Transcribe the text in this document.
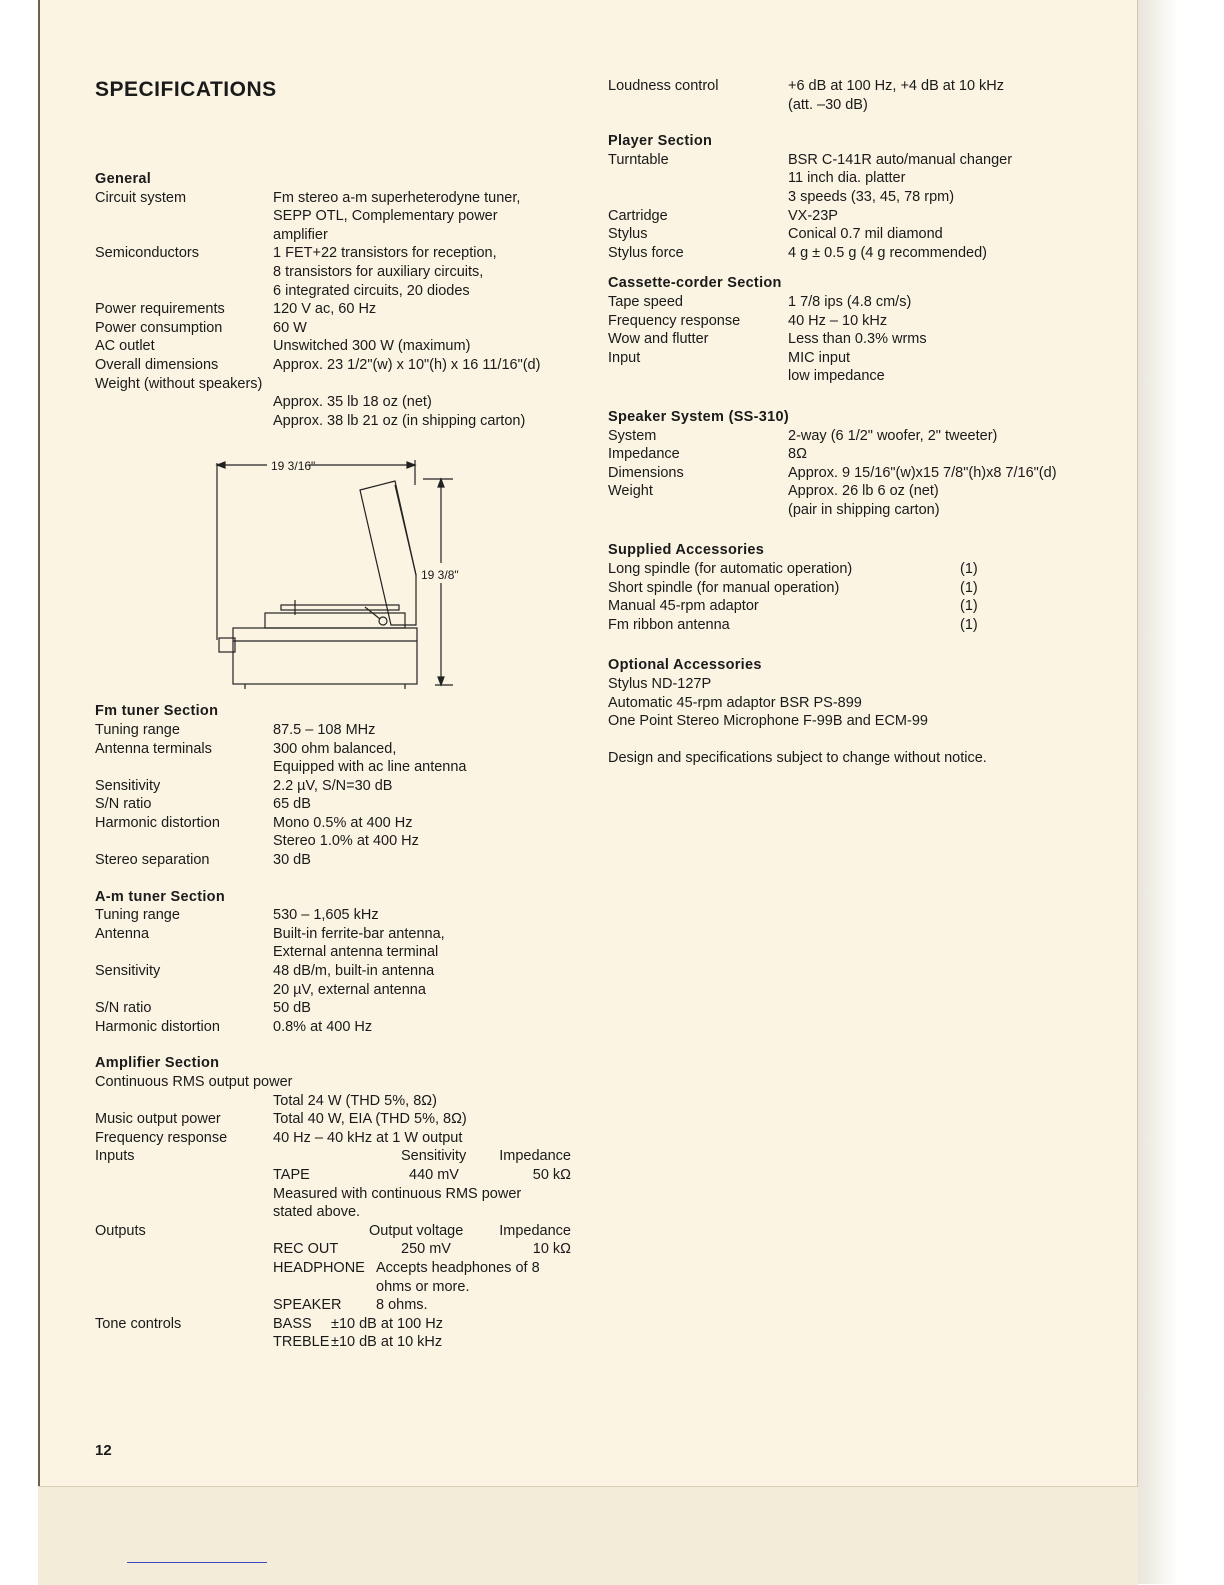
SPECIFICATIONS
General
Circuit system	Fm stereo a-m superheterodyne tuner,
SEPP OTL, Complementary power
amplifier
Semiconductors	1 FET+22 transistors for reception,
8 transistors for auxiliary circuits,
6 integrated circuits, 20 diodes
Power requirements	120 V ac, 60 Hz
Power consumption	60 W
AC outlet	Unswitched 300 W (maximum)
Overall dimensions	Approx. 23 1/2"(w) x 10"(h) x 16 11/16"(d)
Weight (without speakers)
Approx. 35 lb 18 oz (net)
Approx. 38 lb 21 oz (in shipping carton)
Fm tuner Section
Tuning range	87.5 – 108 MHz
Antenna terminals	300 ohm balanced,
Equipped with ac line antenna
Sensitivity	2.2 µV, S/N=30 dB
S/N ratio	65 dB
Harmonic distortion	Mono 0.5% at 400 Hz
Stereo 1.0% at 400 Hz
Stereo separation	30 dB
A-m tuner Section
Tuning range	530 – 1,605 kHz
Antenna	Built-in ferrite-bar antenna,
External antenna terminal
Sensitivity	48 dB/m, built-in antenna
20 µV, external antenna
S/N ratio	50 dB
Harmonic distortion	0.8% at 400 Hz
Amplifier Section
Continuous RMS output power
Total 24 W (THD 5%, 8Ω)
Music output power	Total 40 W, EIA (THD 5%, 8Ω)
Frequency response	40 Hz – 40 kHz at 1 W output
Inputs	Sensitivity Impedance
TAPE	440 mV	50 kΩ
Measured with continuous RMS power
stated above.
Outputs	Output voltage Impedance
REC OUT	250 mV	10 kΩ
HEADPHONE Accepts headphones of 8
ohms or more.
SPEAKER 8 ohms.
Tone controls	BASS ±10 dB at 100 Hz
TREBLE ±10 dB at 10 kHz
19 3/16"
19 3/8"
Loudness control	+6 dB at 100 Hz, +4 dB at 10 kHz
(att. –30 dB)
Player Section
Turntable	BSR C-141R auto/manual changer
11 inch dia. platter
3 speeds (33, 45, 78 rpm)
Cartridge	VX-23P
Stylus	Conical 0.7 mil diamond
Stylus force	4 g ± 0.5 g (4 g recommended)
Cassette-corder Section
Tape speed	1 7/8 ips (4.8 cm/s)
Frequency response	40 Hz – 10 kHz
Wow and flutter	Less than 0.3% wrms
Input	MIC input
low impedance
Speaker System (SS-310)
System	2-way (6 1/2" woofer, 2" tweeter)
Impedance	8Ω
Dimensions	Approx. 9 15/16"(w)x15 7/8"(h)x8 7/16"(d)
Weight	Approx. 26 lb 6 oz (net)
(pair in shipping carton)
Supplied Accessories
Long spindle (for automatic operation)	(1)
Short spindle (for manual operation)	(1)
Manual 45-rpm adaptor	(1)
Fm ribbon antenna	(1)
Optional Accessories
Stylus ND-127P
Automatic 45-rpm adaptor BSR PS-899
One Point Stereo Microphone F-99B and ECM-99
Design and specifications subject to change without notice.
12
